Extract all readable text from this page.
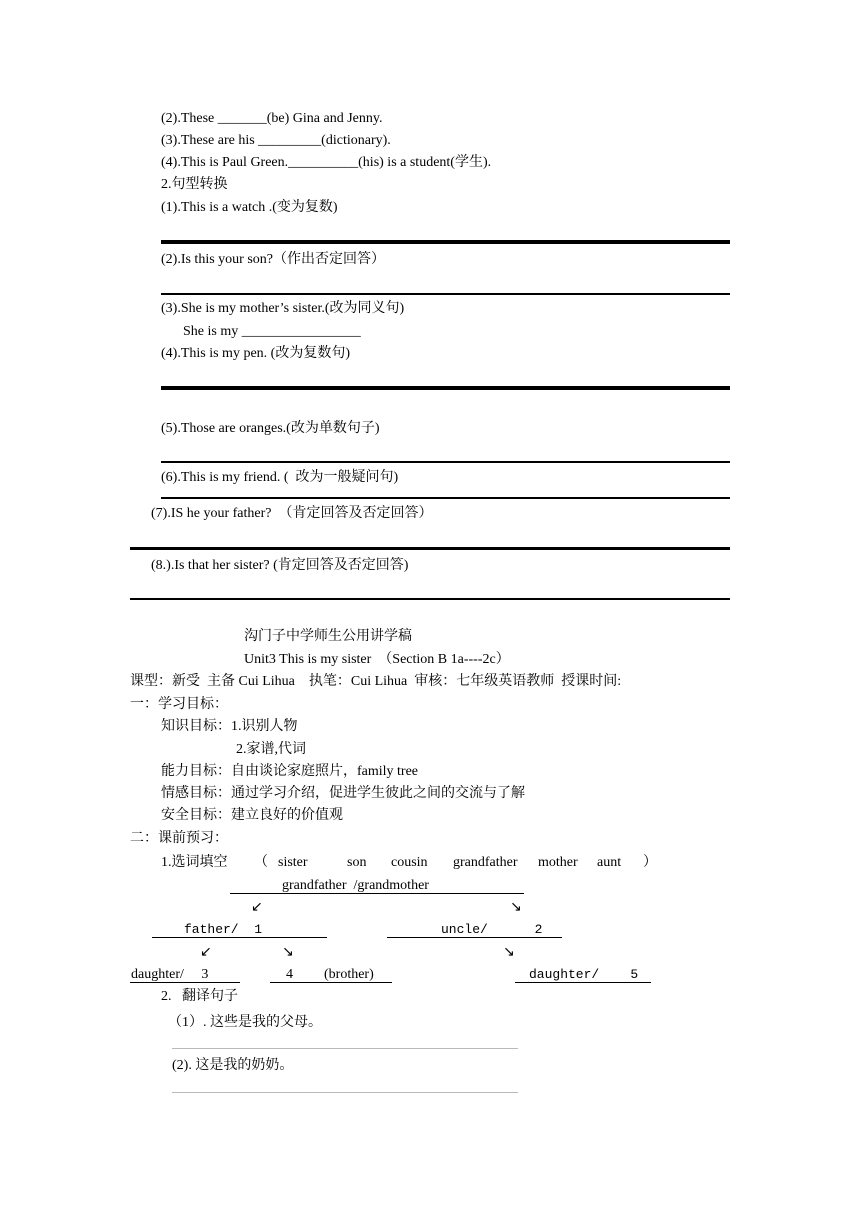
(2).These _______(be) Gina and Jenny.
(3).These are his _________(dictionary).
(4).This is Paul Green.__________(his) is a student(学生).
2.句型转换
(1).This is a watch .(变为复数)
(2).Is this your son?（作出否定回答）
(3).She is my mother’s sister.(改为同义句)
She is my _________________
(4).This is my pen. (改为复数句)
(5).Those are oranges.(改为单数句子)
(6).This is my friend. (  改为一般疑问句)
(7).IS he your father?  （肯定回答及否定回答）
(8.).Is that her sister? (肯定回答及否定回答)
沟门子中学师生公用讲学稿
Unit3 This is my sister  （Section B 1a----2c）
课型：新受  主备 Cui Lihua    执笔：Cui Lihua  审核：七年级英语教师  授课时间:
一：学习目标：
知识目标：1.识别人物
2.家谱,代词
能力目标：自由谈论家庭照片，family tree
情感目标：通过学习介绍，促进学生彼此之间的交流与了解
安全目标：建立良好的价值观
二：课前预习：
1.选词填空 （ sister	son cousin grandfather mother aunt ）
grandfather  /grandmother
↙	↘
father/  1	uncle/      2
↙	↘	↘
daughter/     3	4 (brother)	daughter/    5
2.   翻译句子
（1）. 这些是我的父母。
(2). 这是我的奶奶。
